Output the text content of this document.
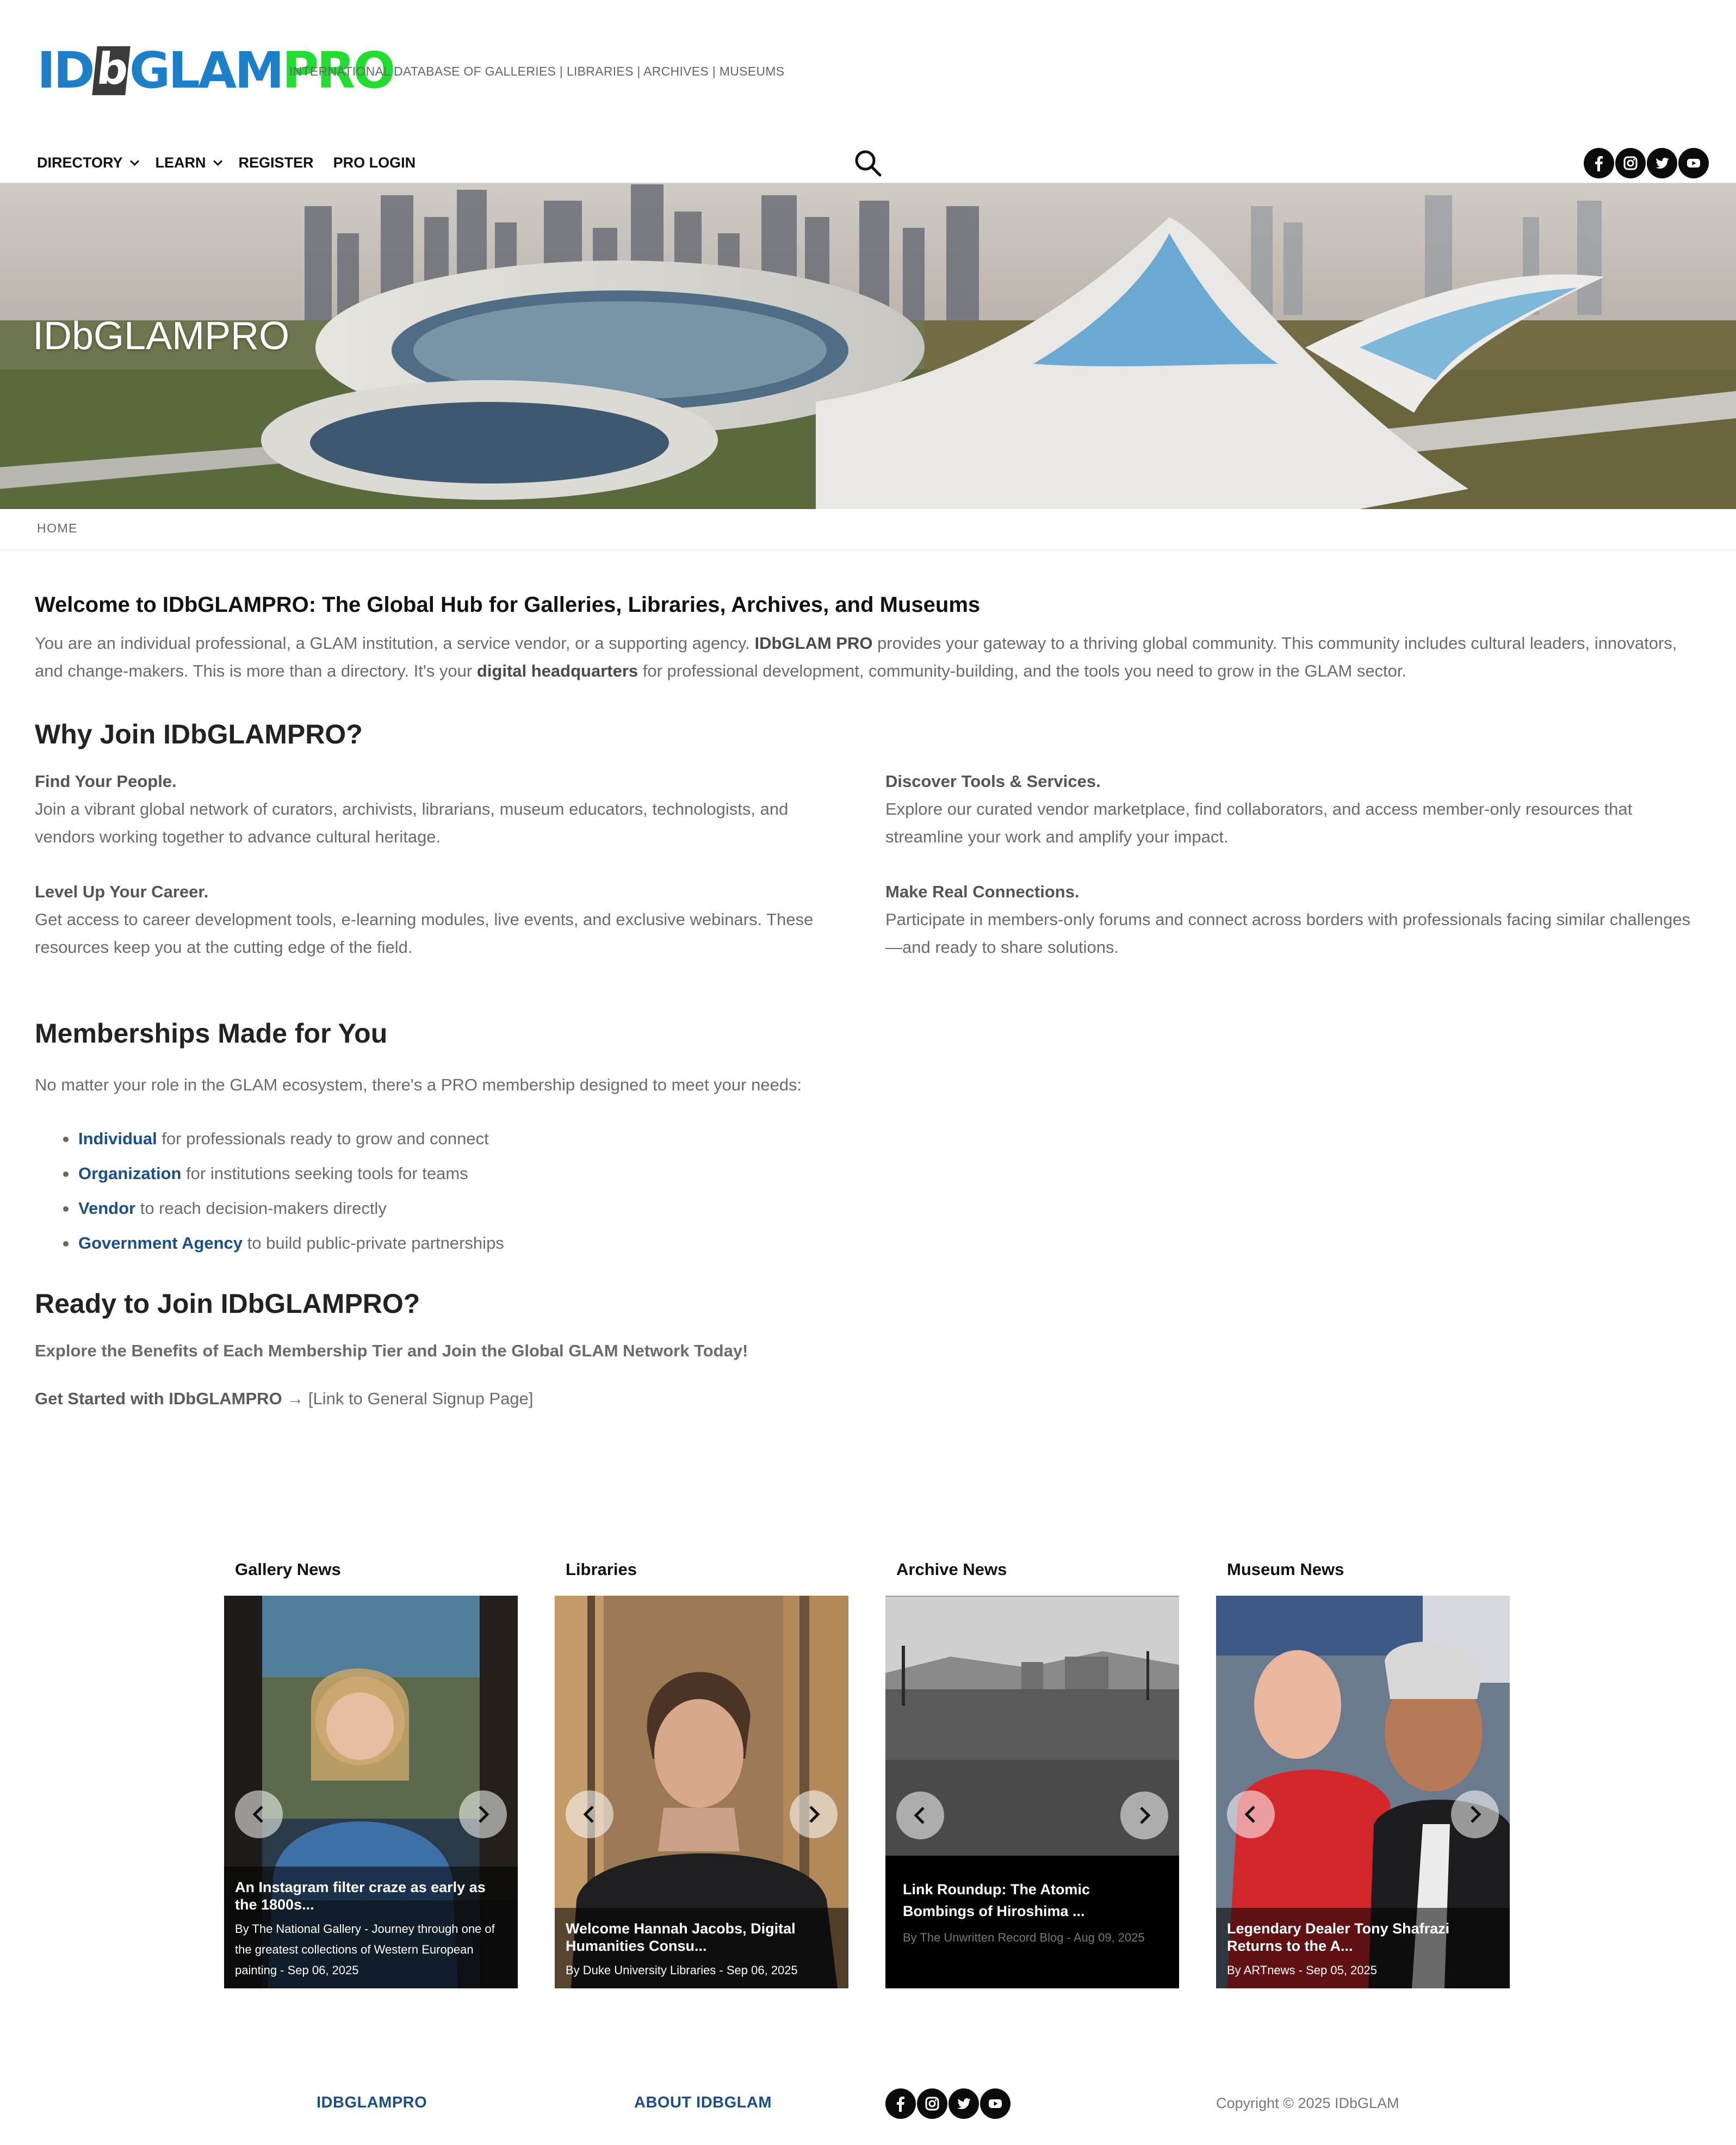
ID b GLAM PRO
INTERNATIONAL DATABASE OF GALLERIES | LIBRARIES | ARCHIVES | MUSEUMS
DIRECTORY LEARN REGISTER PRO LOGIN
IDbGLAMPRO
HOME
Welcome to IDbGLAMPRO: The Global Hub for Galleries, Libraries, Archives, and Museums

You are an individual professional, a GLAM institution, a service vendor, or a supporting agency. IDbGLAM PRO provides your gateway to a thriving global community. This community includes cultural leaders, innovators, and change-makers. This is more than a directory. It's your digital headquarters for professional development, community-building, and the tools you need to grow in the GLAM sector.

Why Join IDbGLAMPRO?
Find Your People.

Join a vibrant global network of curators, archivists, librarians, museum educators, technologists, and vendors working together to advance cultural heritage.

Discover Tools & Services.

Explore our curated vendor marketplace, find collaborators, and access member-only resources that streamline your work and amplify your impact.

Level Up Your Career.

Get access to career development tools, e-learning modules, live events, and exclusive webinars. These resources keep you at the cutting edge of the field.

Make Real Connections.

Participate in members-only forums and connect across borders with professionals facing similar challenges—and ready to share solutions.

Memberships Made for You

No matter your role in the GLAM ecosystem, there's a PRO membership designed to meet your needs:

Individual for professionals ready to grow and connect
Organization for institutions seeking tools for teams
Vendor to reach decision-makers directly
Government Agency to build public-private partnerships
Ready to Join IDbGLAMPRO?

Explore the Benefits of Each Membership Tier and Join the Global GLAM Network Today!

Get Started with IDbGLAMPRO → [Link to General Signup Page]

Gallery News
An Instagram filter craze as early as the 1800s...
By The National Gallery - Journey through one of the greatest collections of Western European painting - Sep 06, 2025
Libraries
Welcome Hannah Jacobs, Digital Humanities Consu...
By Duke University Libraries - Sep 06, 2025
Archive News
Link Roundup: The Atomic Bombings of Hiroshima ...
By The Unwritten Record Blog - Aug 09, 2025
Museum News
Legendary Dealer Tony Shafrazi Returns to the A...
By ARTnews - Sep 05, 2025
IDBGLAMPRO	ABOUT IDBGLAM	Copyright © 2025 IDbGLAM
